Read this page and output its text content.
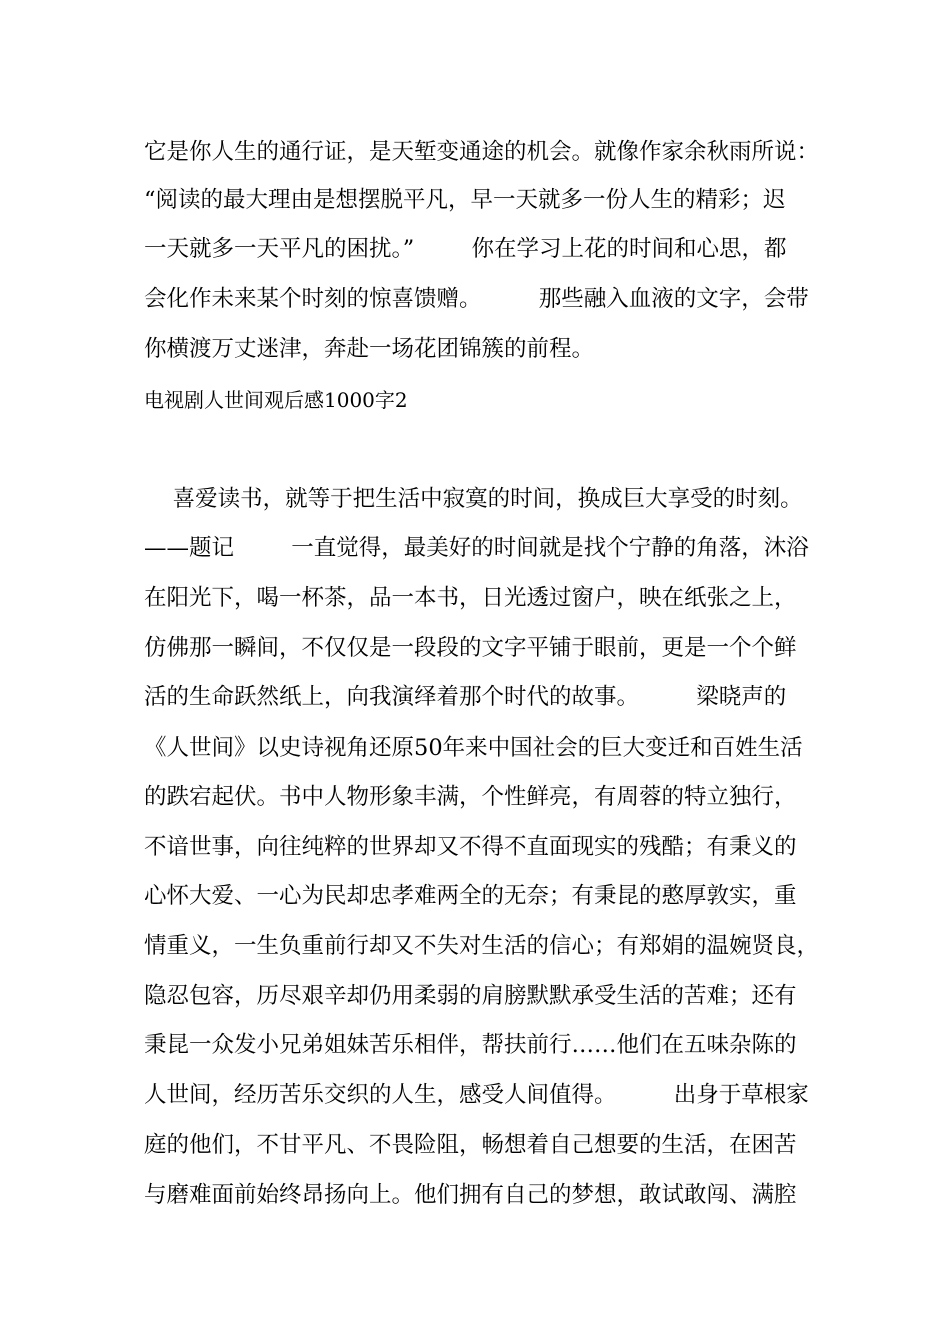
它是你人生的通行证，是天堑变通途的机会。就像作家余秋雨所说：
“阅读的最大理由是想摆脱平凡，早一天就多一份人生的精彩；迟
一天就多一天平凡的困扰。”        你在学习上花的时间和心思，都
会化作未来某个时刻的惊喜馈赠。        那些融入血液的文字，会带
你横渡万丈迷津，奔赴一场花团锦簇的前程。
电视剧人世间观后感1000字2
喜爱读书，就等于把生活中寂寞的时间，换成巨大享受的时刻。
——题记        一直觉得，最美好的时间就是找个宁静的角落，沐浴
在阳光下，喝一杯茶，品一本书，日光透过窗户，映在纸张之上，
仿佛那一瞬间，不仅仅是一段段的文字平铺于眼前，更是一个个鲜
活的生命跃然纸上，向我演绎着那个时代的故事。        梁晓声的
《人世间》以史诗视角还原50年来中国社会的巨大变迁和百姓生活
的跌宕起伏。书中人物形象丰满，个性鲜亮，有周蓉的特立独行，
不谙世事，向往纯粹的世界却又不得不直面现实的残酷；有秉义的
心怀大爱、一心为民却忠孝难两全的无奈；有秉昆的憨厚敦实，重
情重义，一生负重前行却又不失对生活的信心；有郑娟的温婉贤良，
隐忍包容，历尽艰辛却仍用柔弱的肩膀默默承受生活的苦难；还有
秉昆一众发小兄弟姐妹苦乐相伴，帮扶前行……他们在五味杂陈的
人世间，经历苦乐交织的人生，感受人间值得。        出身于草根家
庭的他们，不甘平凡、不畏险阻，畅想着自己想要的生活，在困苦
与磨难面前始终昂扬向上。他们拥有自己的梦想，敢试敢闯、满腔
